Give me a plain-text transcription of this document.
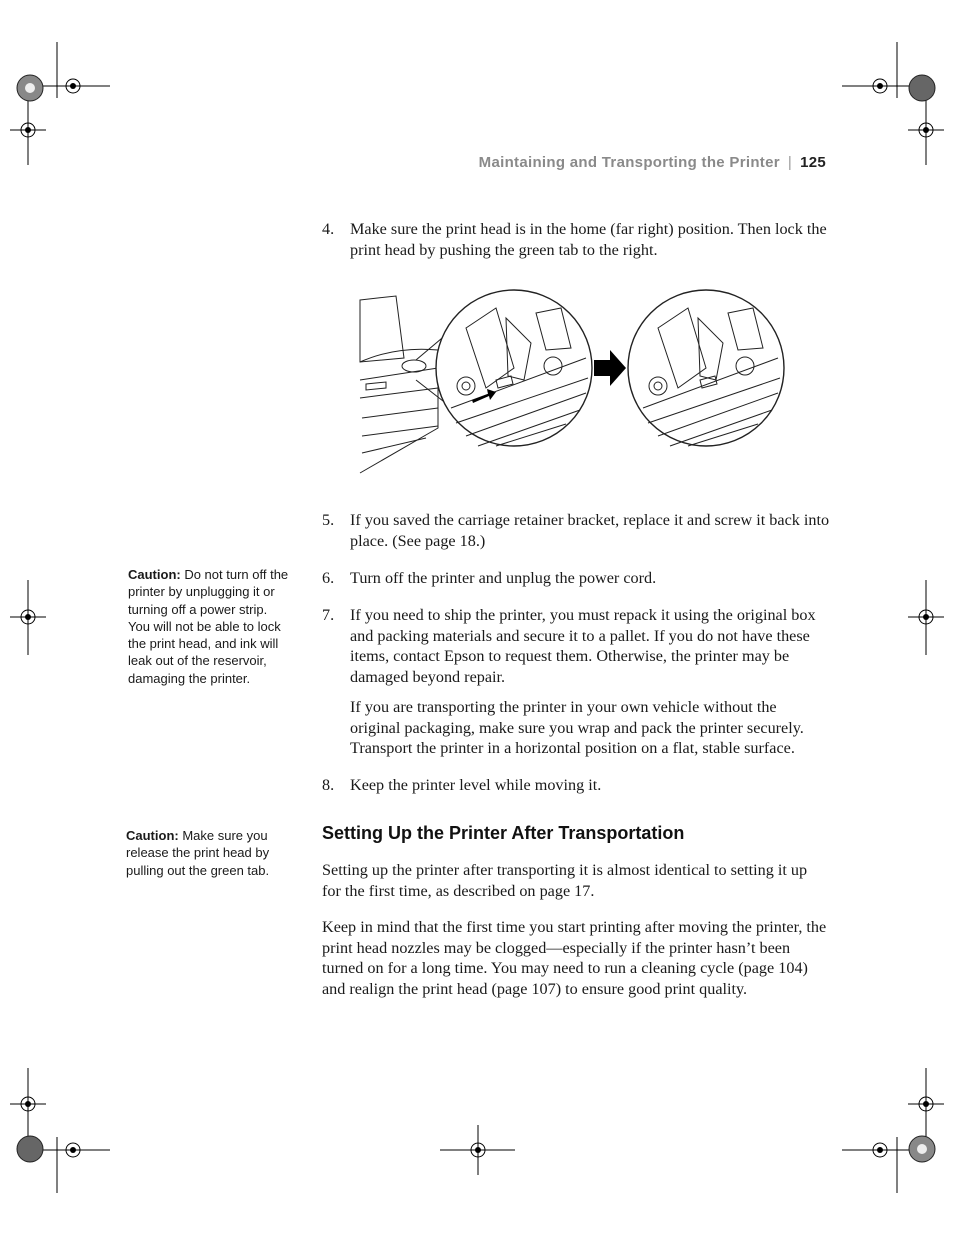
Maintaining and Transporting the Printer | 125
4. Make sure the print head is in the home (far right) position. Then lock the print head by pushing the green tab to the right.
5. If you saved the carriage retainer bracket, replace it and screw it back into place. (See page 18.)
6. Turn off the printer and unplug the power cord.
7. If you need to ship the printer, you must repack it using the original box and packing materials and secure it to a pallet. If you do not have these items, contact Epson to request them. Otherwise, the printer may be damaged beyond repair.
If you are transporting the printer in your own vehicle without the original packaging, make sure you wrap and pack the printer securely. Transport the printer in a horizontal position on a flat, stable surface.
8. Keep the printer level while moving it.
Caution: Do not turn off the printer by unplugging it or turning off a power strip. You will not be able to lock the print head, and ink will leak out of the reservoir, damaging the printer.
Caution: Make sure you release the print head by pulling out the green tab.
Setting Up the Printer After Transportation
Setting up the printer after transporting it is almost identical to setting it up for the first time, as described on page 17.
Keep in mind that the first time you start printing after moving the printer, the print head nozzles may be clogged—especially if the printer hasn’t been turned on for a long time. You may need to run a cleaning cycle (page 104) and realign the print head (page 107) to ensure good print quality.
